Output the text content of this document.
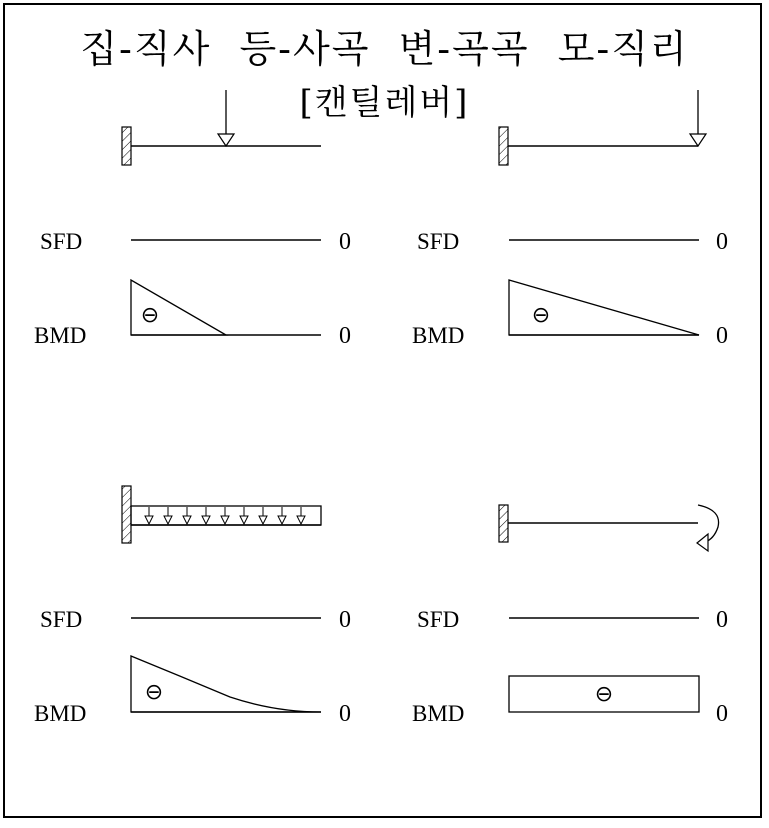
집-직사  등-사곡  변-곡곡  모-직리
[캔틸레버]
SFD	0
BMD
⊖
0
SFD	0
BMD
⊖
0
SFD	0
BMD
⊖
0
SFD	0
BMD
⊖
0
